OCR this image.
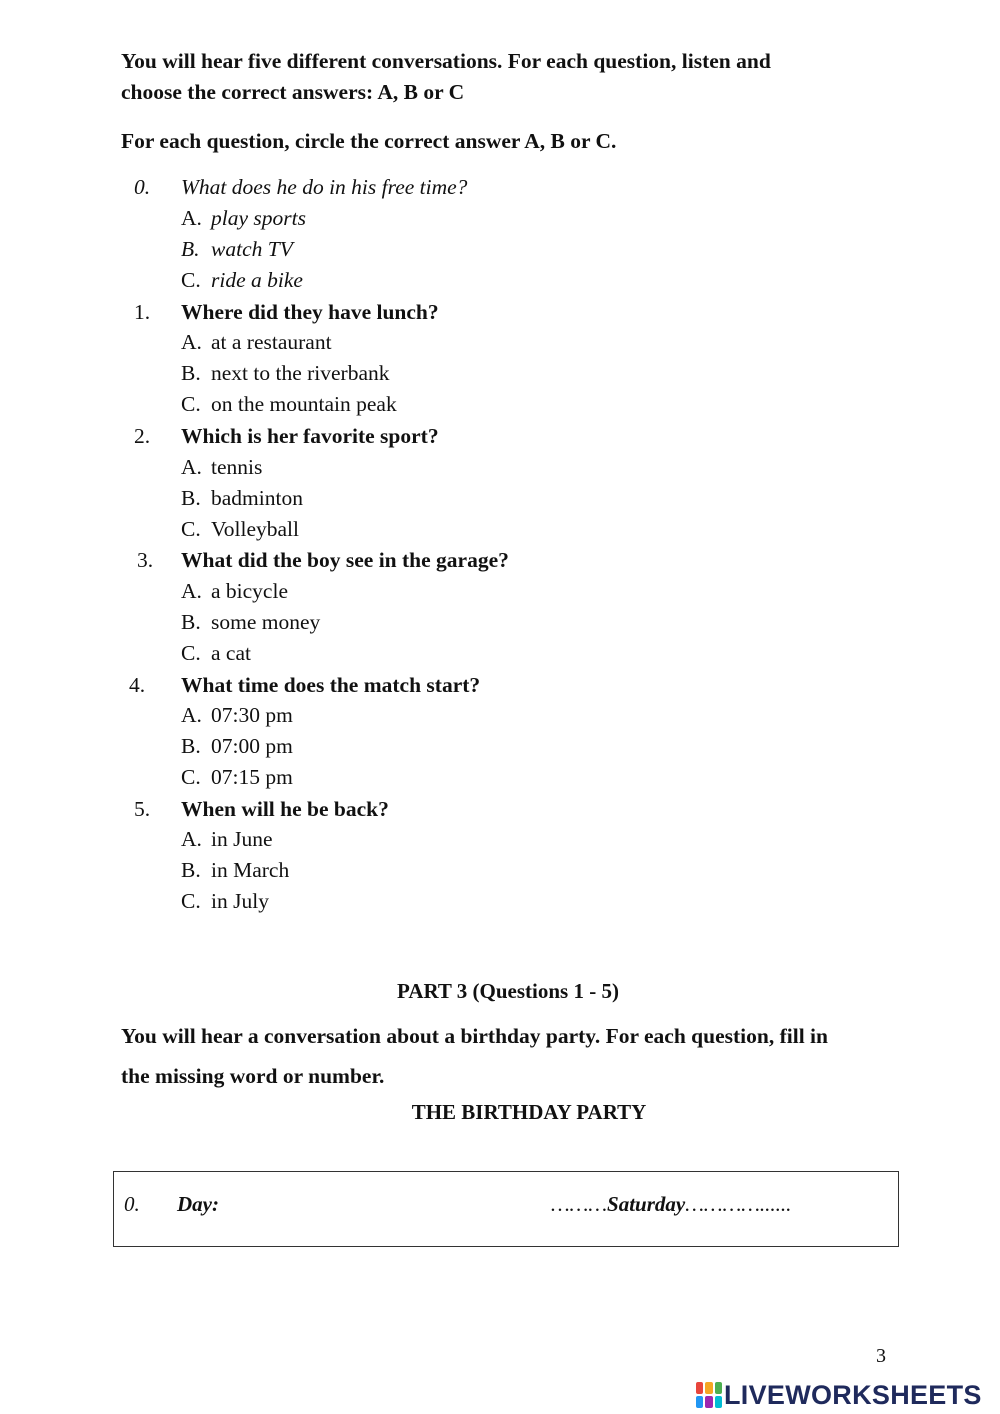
You will hear five different conversations. For each question, listen and
choose the correct answers: A, B or C
For each question, circle the correct answer A, B or C.
0.	What does he do in his free time?
A. play sports
B. watch TV
C. ride a bike
1.	Where did they have lunch?
A. at a restaurant
B. next to the riverbank
C. on the mountain peak
2.	Which is her favorite sport?
A. tennis
B. badminton
C. Volleyball
3.	What did the boy see in the garage?
A. a bicycle
B. some money
C. a cat
4.	What time does the match start?
A. 07:30 pm
B. 07:00 pm
C. 07:15 pm
5.	When will he be back?
A. in June
B. in March
C. in July
PART 3 (Questions 1 - 5)
You will hear a conversation about a birthday party. For each question, fill in
the missing word or number.
THE BIRTHDAY PARTY
0. Day:	………Saturday…………......
3
LIVEWORKSHEETS
